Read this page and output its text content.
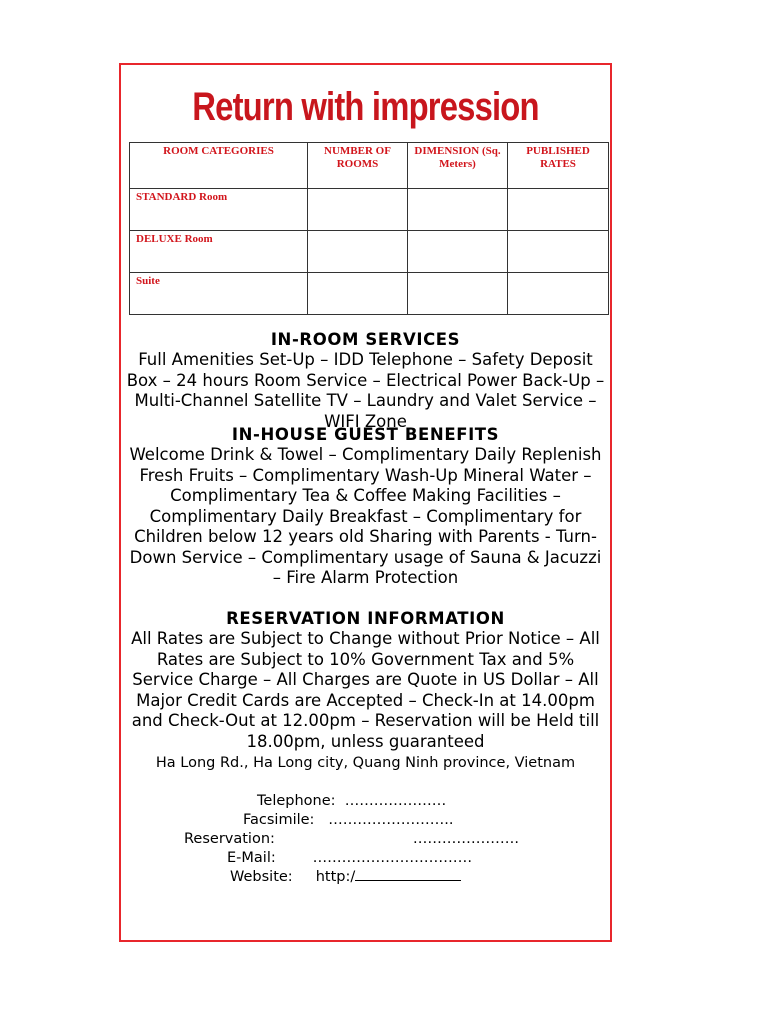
Return with impression
ROOM CATEGORIES	NUMBER OF ROOMS	DIMENSION (Sq. Meters)	PUBLISHED RATES
STANDARD Room			
DELUXE Room			
Suite			
IN-ROOM SERVICES
Full Amenities Set-Up – IDD Telephone – Safety Deposit Box – 24 hours Room Service – Electrical Power Back-Up – Multi-Channel Satellite TV – Laundry and Valet Service – WIFI Zone
IN-HOUSE GUEST BENEFITS
Welcome Drink & Towel – Complimentary Daily Replenish Fresh Fruits – Complimentary Wash-Up Mineral Water – Complimentary Tea & Coffee Making Facilities – Complimentary Daily Breakfast – Complimentary for Children below 12 years old Sharing with Parents - Turn-Down Service – Complimentary usage of Sauna & Jacuzzi – Fire Alarm Protection
RESERVATION INFORMATION
All Rates are Subject to Change without Prior Notice – All Rates are Subject to 10% Government Tax and 5% Service Charge – All Charges are Quote in US Dollar – All Major Credit Cards are Accepted – Check-In at 14.00pm and Check-Out at 12.00pm – Reservation will be Held till 18.00pm, unless guaranteed
Ha Long Rd., Ha Long city, Quang Ninh province, Vietnam
Telephone: …………………
Facsimile: ……………………..
Reservation:	………………….
E-Mail:	……………………………
Website: http:/
